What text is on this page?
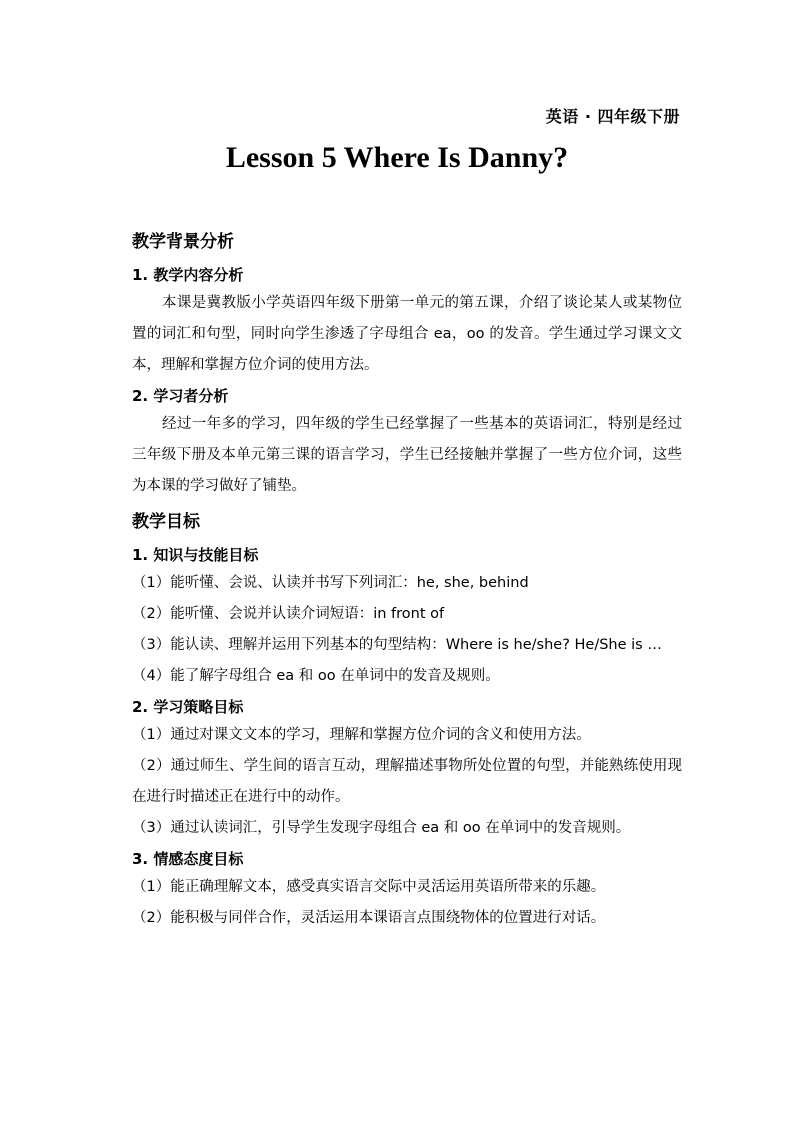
英语 · 四年级下册
Lesson 5 Where Is Danny?
教学背景分析
1. 教学内容分析

本课是冀教版小学英语四年级下册第一单元的第五课，介绍了谈论某人或某物位置的词汇和句型，同时向学生渗透了字母组合 ea，oo 的发音。学生通过学习课文文本，理解和掌握方位介词的使用方法。

2. 学习者分析

经过一年多的学习，四年级的学生已经掌握了一些基本的英语词汇，特别是经过三年级下册及本单元第三课的语言学习，学生已经接触并掌握了一些方位介词，这些为本课的学习做好了铺垫。

教学目标
1. 知识与技能目标

（1）能听懂、会说、认读并书写下列词汇：he, she, behind

（2）能听懂、会说并认读介词短语：in front of

（3）能认读、理解并运用下列基本的句型结构：Where is he/she? He/She is …

（4）能了解字母组合 ea 和 oo 在单词中的发音及规则。

2. 学习策略目标

（1）通过对课文文本的学习，理解和掌握方位介词的含义和使用方法。

（2）通过师生、学生间的语言互动，理解描述事物所处位置的句型，并能熟练使用现在进行时描述正在进行中的动作。

（3）通过认读词汇，引导学生发现字母组合 ea 和 oo 在单词中的发音规则。

3. 情感态度目标

（1）能正确理解文本，感受真实语言交际中灵活运用英语所带来的乐趣。

（2）能积极与同伴合作，灵活运用本课语言点围绕物体的位置进行对话。
